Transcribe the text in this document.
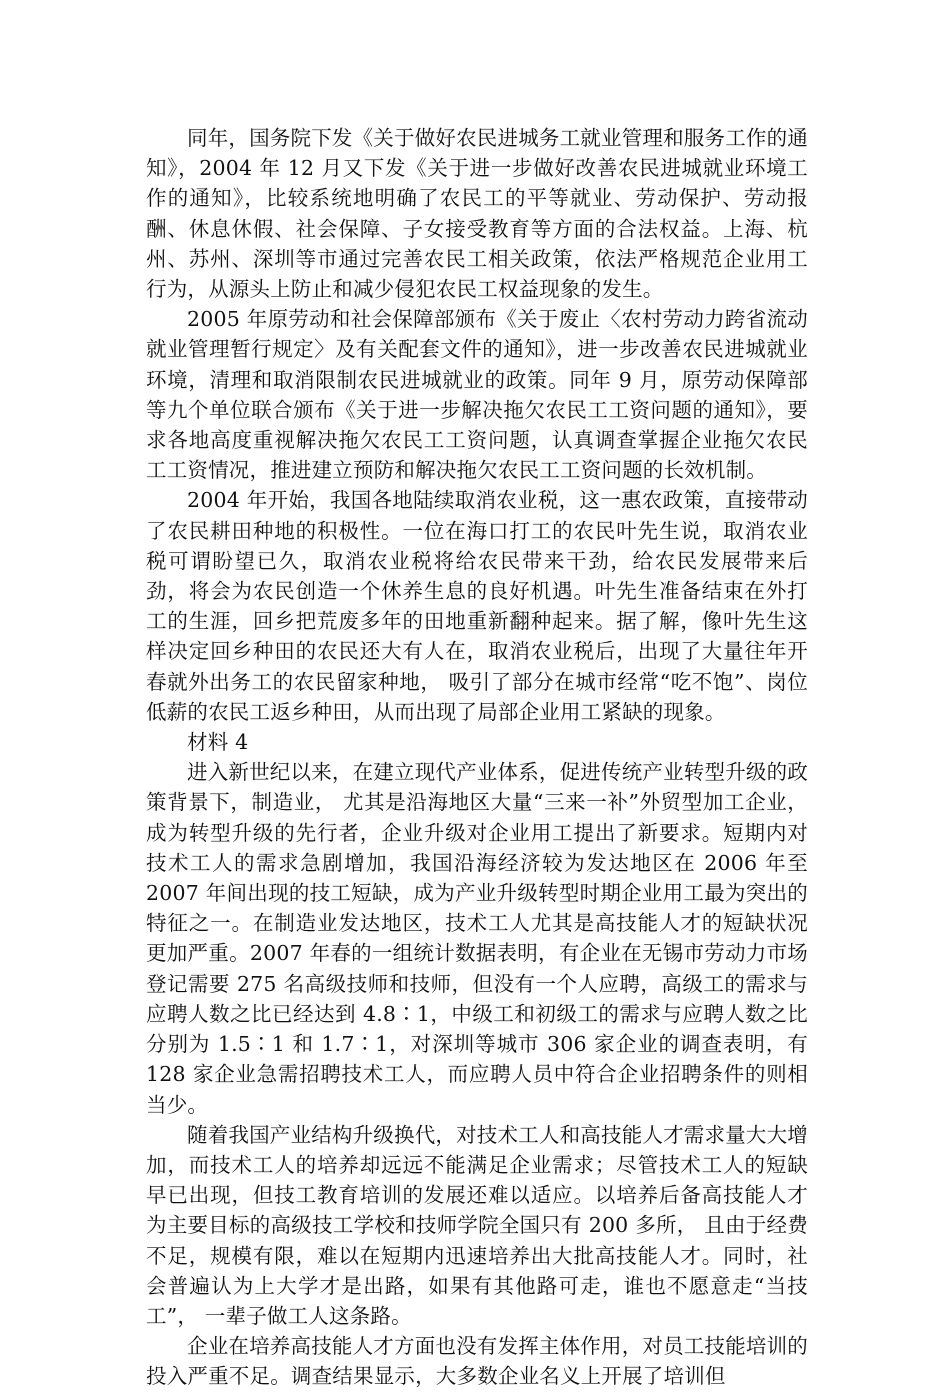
同年，国务院下发《关于做好农民进城务工就业管理和服务工作的通知》，2004 年 12 月又下发《关于进一步做好改善农民进城就业环境工作的通知》，比较系统地明确了农民工的平等就业、劳动保护、劳动报酬、休息休假、社会保障、子女接受教育等方面的合法权益。上海、杭州、苏州、深圳等市通过完善农民工相关政策，依法严格规范企业用工行为，从源头上防止和减少侵犯农民工权益现象的发生。

2005 年原劳动和社会保障部颁布《关于废止〈农村劳动力跨省流动就业管理暂行规定〉及有关配套文件的通知》，进一步改善农民进城就业环境，清理和取消限制农民进城就业的政策。同年 9 月，原劳动保障部等九个单位联合颁布《关于进一步解决拖欠农民工工资问题的通知》，要求各地高度重视解决拖欠农民工工资问题，认真调查掌握企业拖欠农民工工资情况，推进建立预防和解决拖欠农民工工资问题的长效机制。

2004 年开始，我国各地陆续取消农业税，这一惠农政策，直接带动了农民耕田种地的积极性。一位在海口打工的农民叶先生说，取消农业税可谓盼望已久，取消农业税将给农民带来干劲，给农民发展带来后劲，将会为农民创造一个休养生息的良好机遇。叶先生准备结束在外打工的生涯，回乡把荒废多年的田地重新翻种起来。据了解，像叶先生这样决定回乡种田的农民还大有人在，取消农业税后，出现了大量往年开春就外出务工的农民留家种地， 吸引了部分在城市经常“吃不饱”、岗位低薪的农民工返乡种田，从而出现了局部企业用工紧缺的现象。

材料 4

进入新世纪以来，在建立现代产业体系，促进传统产业转型升级的政策背景下，制造业， 尤其是沿海地区大量“三来一补”外贸型加工企业，成为转型升级的先行者，企业升级对企业用工提出了新要求。短期内对技术工人的需求急剧增加，我国沿海经济较为发达地区在 2006 年至 2007 年间出现的技工短缺，成为产业升级转型时期企业用工最为突出的特征之一。在制造业发达地区，技术工人尤其是高技能人才的短缺状况更加严重。2007 年春的一组统计数据表明，有企业在无锡市劳动力市场登记需要 275 名高级技师和技师，但没有一个人应聘，高级工的需求与应聘人数之比已经达到 4.8∶1，中级工和初级工的需求与应聘人数之比分别为 1.5∶1 和 1.7∶1，对深圳等城市 306 家企业的调查表明，有 128 家企业急需招聘技术工人，而应聘人员中符合企业招聘条件的则相当少。

随着我国产业结构升级换代，对技术工人和高技能人才需求量大大增加，而技术工人的培养却远远不能满足企业需求；尽管技术工人的短缺早已出现，但技工教育培训的发展还难以适应。以培养后备高技能人才为主要目标的高级技工学校和技师学院全国只有 200 多所， 且由于经费不足，规模有限，难以在短期内迅速培养出大批高技能人才。同时，社会普遍认为上大学才是出路，如果有其他路可走，谁也不愿意走“当技工”， 一辈子做工人这条路。

企业在培养高技能人才方面也没有发挥主体作用，对员工技能培训的投入严重不足。调查结果显示，大多数企业名义上开展了培训但
